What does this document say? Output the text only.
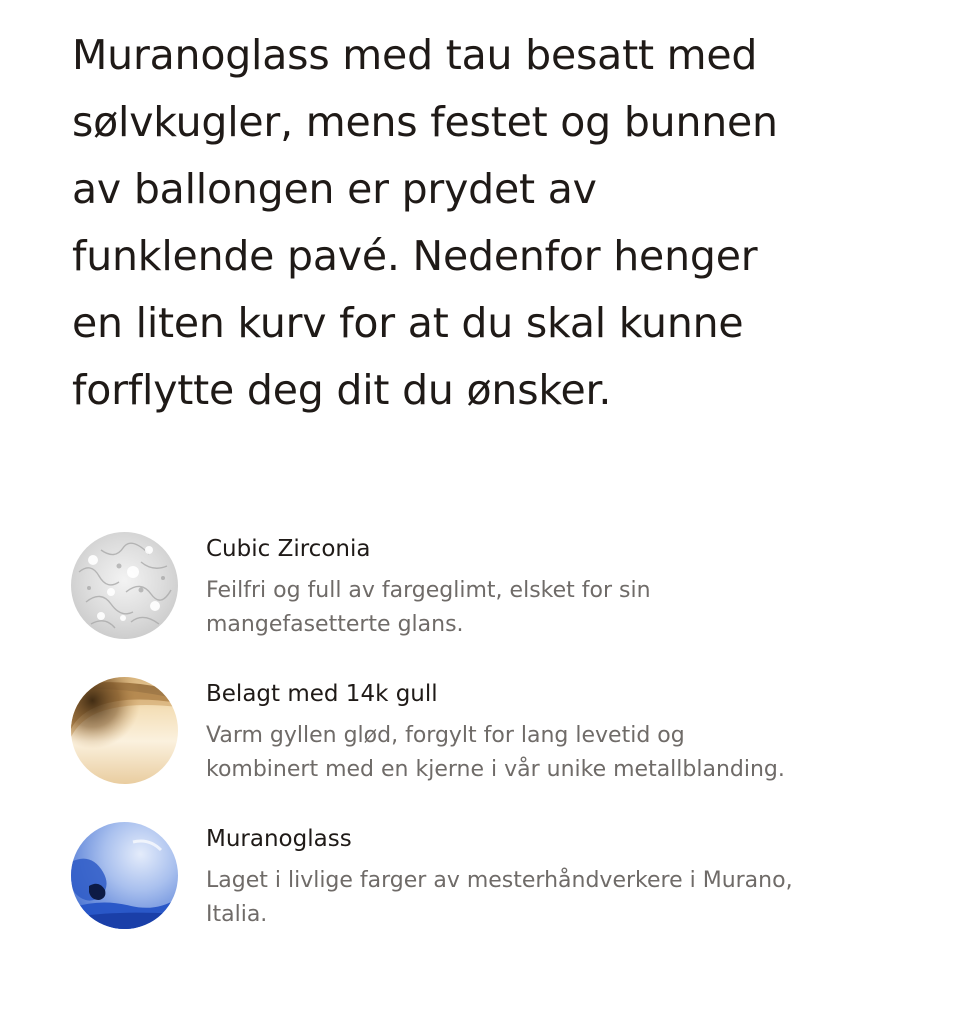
Muranoglass med tau besatt med
sølvkugler, mens festet og bunnen
av ballongen er prydet av
funklende pavé. Nedenfor henger
en liten kurv for at du skal kunne
forflytte deg dit du ønsker.

Cubic Zirconia

Feilfri og full av fargeglimt, elsket for sin
mangefasetterte glans.

Belagt med 14k gull

Varm gyllen glød, forgylt for lang levetid og
kombinert med en kjerne i vår unike metallblanding.

Muranoglass

Laget i livlige farger av mesterhåndverkere i Murano,
Italia.
